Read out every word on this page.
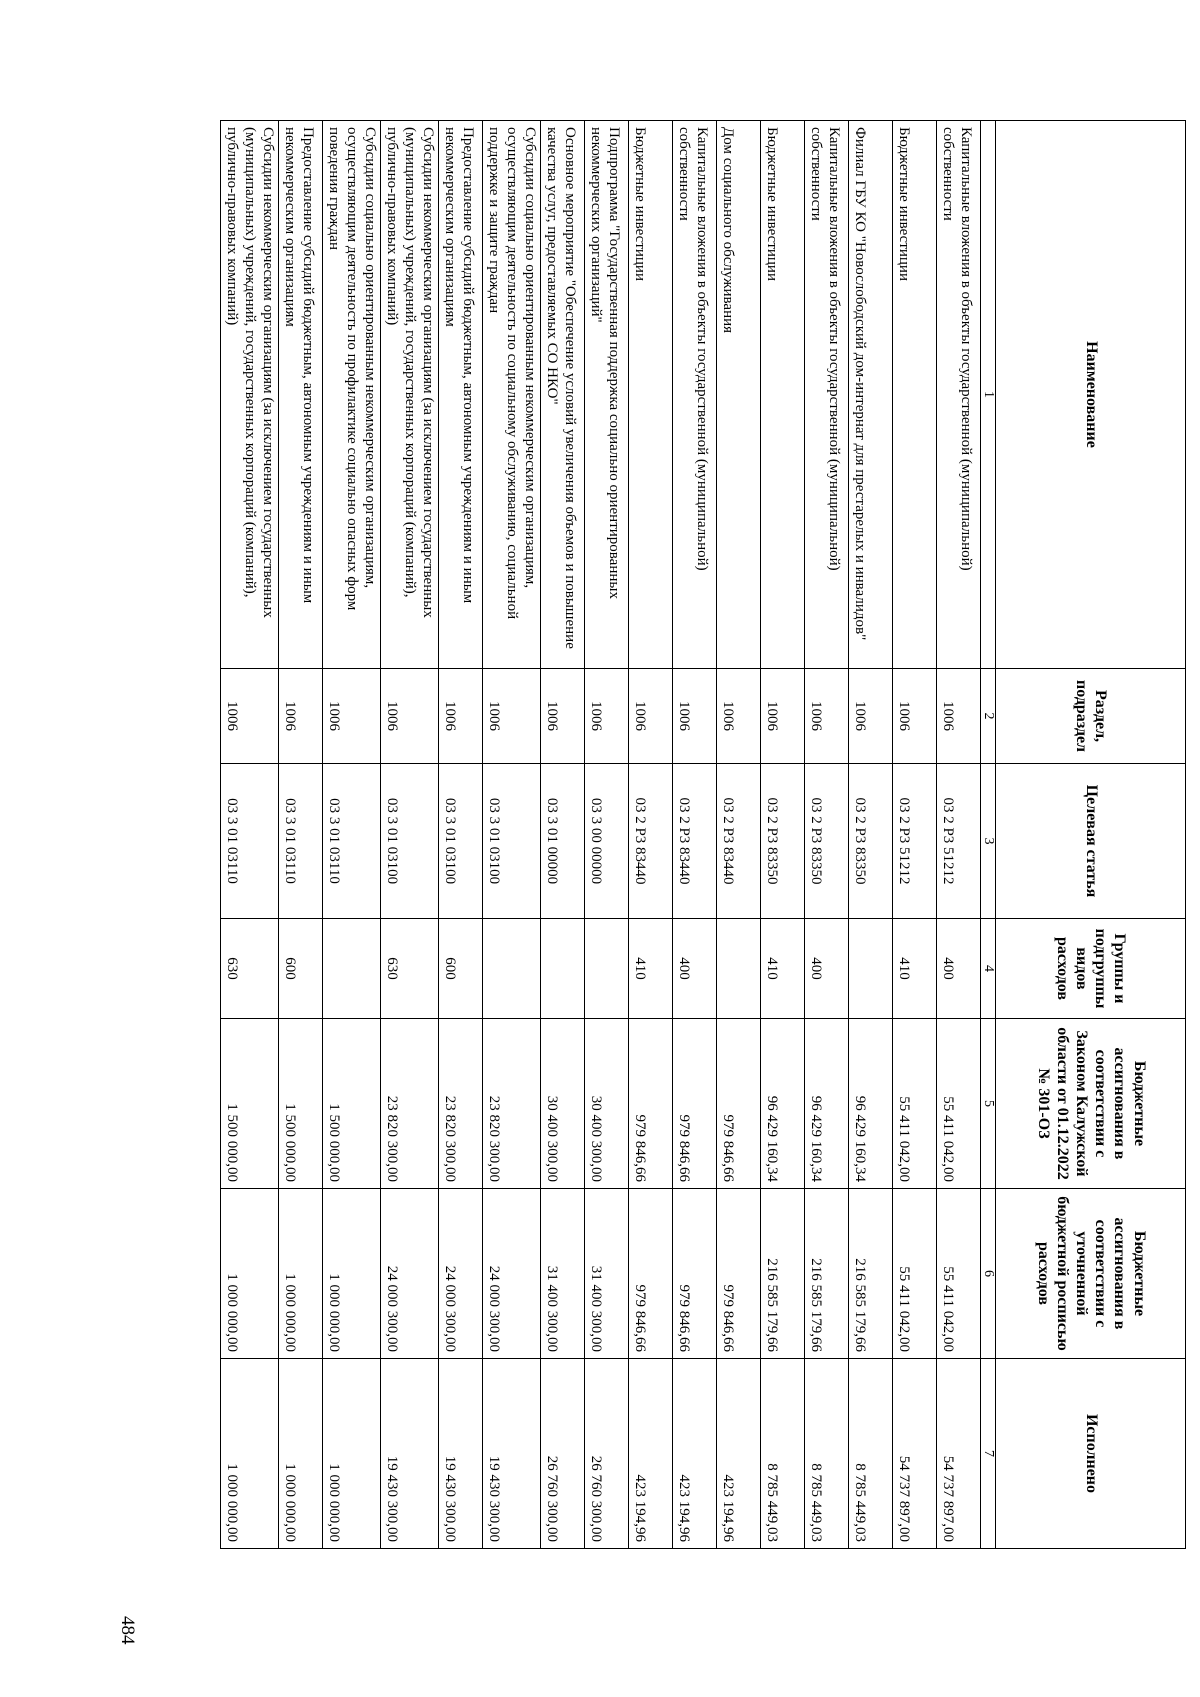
Наименование	Раздел, подраздел	Целевая статья	Группы и подгруппы видов расходов	Бюджетные ассигнования в соответствии с Законом Калужской области от 01.12.2022 № 301-ОЗ	Бюджетные ассигнования в соответствии с уточненной бюджетной росписью расходов	Исполнено
1	2	3	4	5	6	7
Капитальные вложения в объекты государственной (муниципальной) собственности	1006	03 2 Р3 51212	400	55 411 042,00	55 411 042,00	54 737 897,00
Бюджетные инвестиции	1006	03 2 Р3 51212	410	55 411 042,00	55 411 042,00	54 737 897,00
Филиал ГБУ КО "Новослободский дом-интернат для престарелых и инвалидов"	1006	03 2 Р3 83350		96 429 160,34	216 585 179,66	8 785 449,03
Капитальные вложения в объекты государственной (муниципальной) собственности	1006	03 2 Р3 83350	400	96 429 160,34	216 585 179,66	8 785 449,03
Бюджетные инвестиции	1006	03 2 Р3 83350	410	96 429 160,34	216 585 179,66	8 785 449,03
Дом социального обслуживания	1006	03 2 Р3 83440		979 846,66	979 846,66	423 194,96
Капитальные вложения в объекты государственной (муниципальной) собственности	1006	03 2 Р3 83440	400	979 846,66	979 846,66	423 194,96
Бюджетные инвестиции	1006	03 2 Р3 83440	410	979 846,66	979 846,66	423 194,96
Подпрограмма "Государственная поддержка социально ориентированных некоммерческих организаций"	1006	03 3 00 00000		30 400 300,00	31 400 300,00	26 760 300,00
Основное мероприятие "Обеспечение условий увеличения объемов и повышение качества услуг, предоставляемых СО НКО"	1006	03 3 01 00000		30 400 300,00	31 400 300,00	26 760 300,00
Субсидии социально ориентированным некоммерческим организациям, осуществляющим деятельность по социальному обслуживанию, социальной поддержке и защите граждан	1006	03 3 01 03100		23 820 300,00	24 000 300,00	19 430 300,00
Предоставление субсидий бюджетным, автономным учреждениям и иным некоммерческим организациям	1006	03 3 01 03100	600	23 820 300,00	24 000 300,00	19 430 300,00
Субсидии некоммерческим организациям (за исключением государственных (муниципальных) учреждений, государственных корпораций (компаний), публично-правовых компаний)	1006	03 3 01 03100	630	23 820 300,00	24 000 300,00	19 430 300,00
Субсидии социально ориентированным некоммерческим организациям, осуществляющим деятельность по профилактике социально опасных форм поведения граждан	1006	03 3 01 03110		1 500 000,00	1 000 000,00	1 000 000,00
Предоставление субсидий бюджетным, автономным учреждениям и иным некоммерческим организациям	1006	03 3 01 03110	600	1 500 000,00	1 000 000,00	1 000 000,00
Субсидии некоммерческим организациям (за исключением государственных (муниципальных) учреждений, государственных корпораций (компаний), публично-правовых компаний)	1006	03 3 01 03110	630	1 500 000,00	1 000 000,00	1 000 000,00
484
